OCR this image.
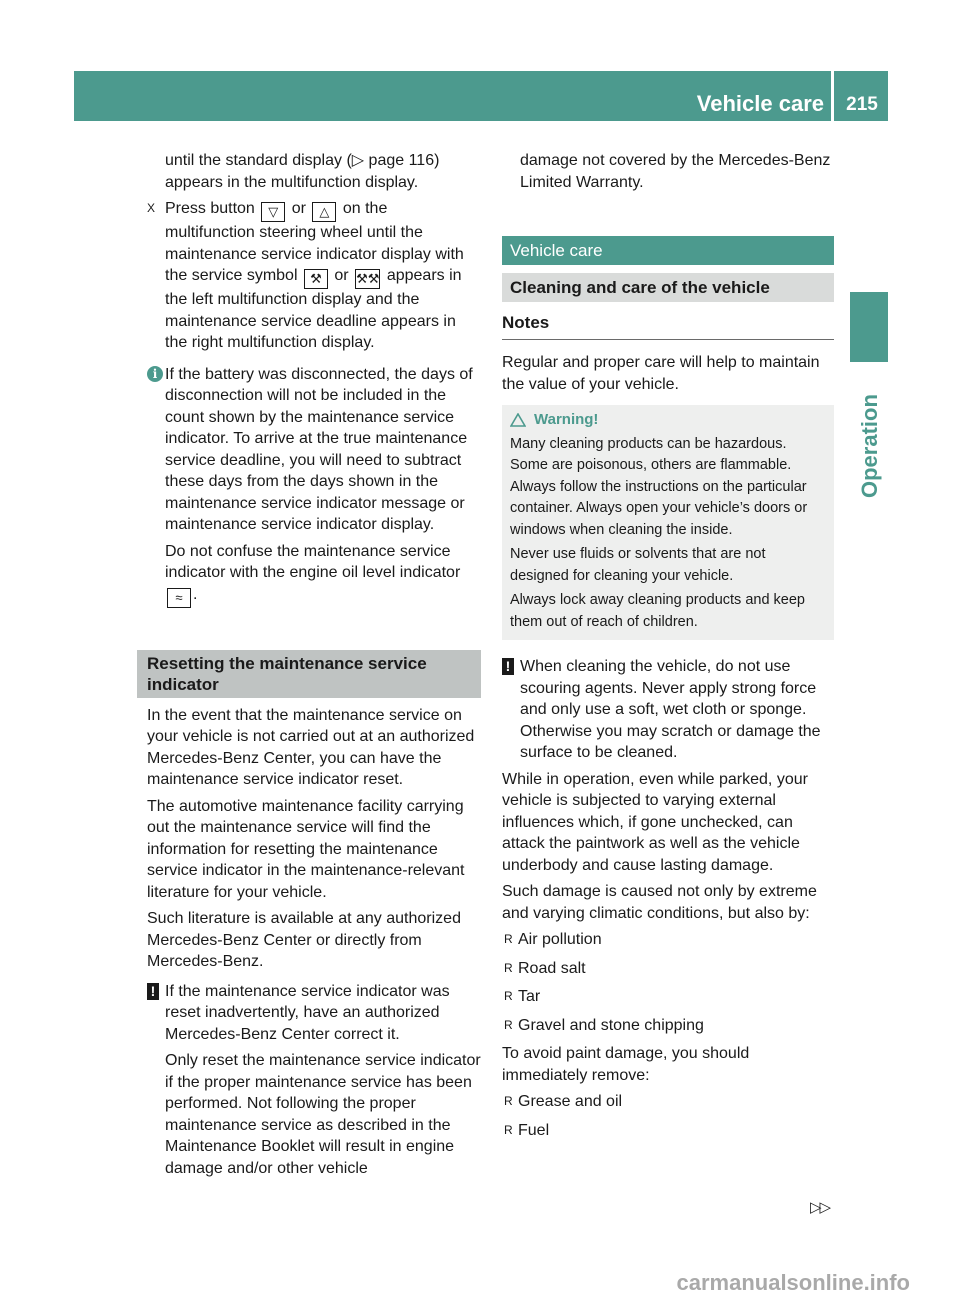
Vehicle care	215
Operation

until the standard display (▷ page 116) appears in the multifunction display.

X Press button ▽ or △ on the multifunction steering wheel until the maintenance service indicator display with the service symbol ⚒ or ⚒⚒ appears in the left multifunction display and the maintenance service deadline appears in the right multifunction display.
i If the battery was disconnected, the days of disconnection will not be included in the count shown by the maintenance service indicator. To arrive at the true maintenance service deadline, you will need to subtract these days from the days shown in the maintenance service indicator message or maintenance service indicator display.

Do not confuse the maintenance service indicator with the engine oil level indicator ≈ .

Resetting the maintenance service indicator

In the event that the maintenance service on your vehicle is not carried out at an authorized Mercedes-Benz Center, you can have the maintenance service indicator reset.

The automotive maintenance facility carrying out the maintenance service will find the information for resetting the maintenance service indicator in the maintenance-relevant literature for your vehicle.

Such literature is available at any authorized Mercedes-Benz Center or directly from Mercedes-Benz.

! If the maintenance service indicator was reset inadvertently, have an authorized Mercedes-Benz Center correct it.

Only reset the maintenance service indicator if the proper maintenance service has been performed. Not following the proper maintenance service as described in the Maintenance Booklet will result in engine damage and/or other vehicle

damage not covered by the Mercedes-Benz Limited Warranty.

Vehicle care
Cleaning and care of the vehicle
Notes

Regular and proper care will help to maintain the value of your vehicle.

Warning!

Many cleaning products can be hazardous. Some are poisonous, others are flammable. Always follow the instructions on the particular container. Always open your vehicle’s doors or windows when cleaning the inside.

Never use fluids or solvents that are not designed for cleaning your vehicle.

Always lock away cleaning products and keep them out of reach of children.

! When cleaning the vehicle, do not use scouring agents. Never apply strong force and only use a soft, wet cloth or sponge. Otherwise you may scratch or damage the surface to be cleaned.

While in operation, even while parked, your vehicle is subjected to varying external influences which, if gone unchecked, can attack the paintwork as well as the vehicle underbody and cause lasting damage.

Such damage is caused not only by extreme and varying climatic conditions, but also by:

R Air pollution
R Road salt
R Tar
R Gravel and stone chipping

To avoid paint damage, you should immediately remove:

R Grease and oil
R Fuel
▷▷
carmanualsonline.info
